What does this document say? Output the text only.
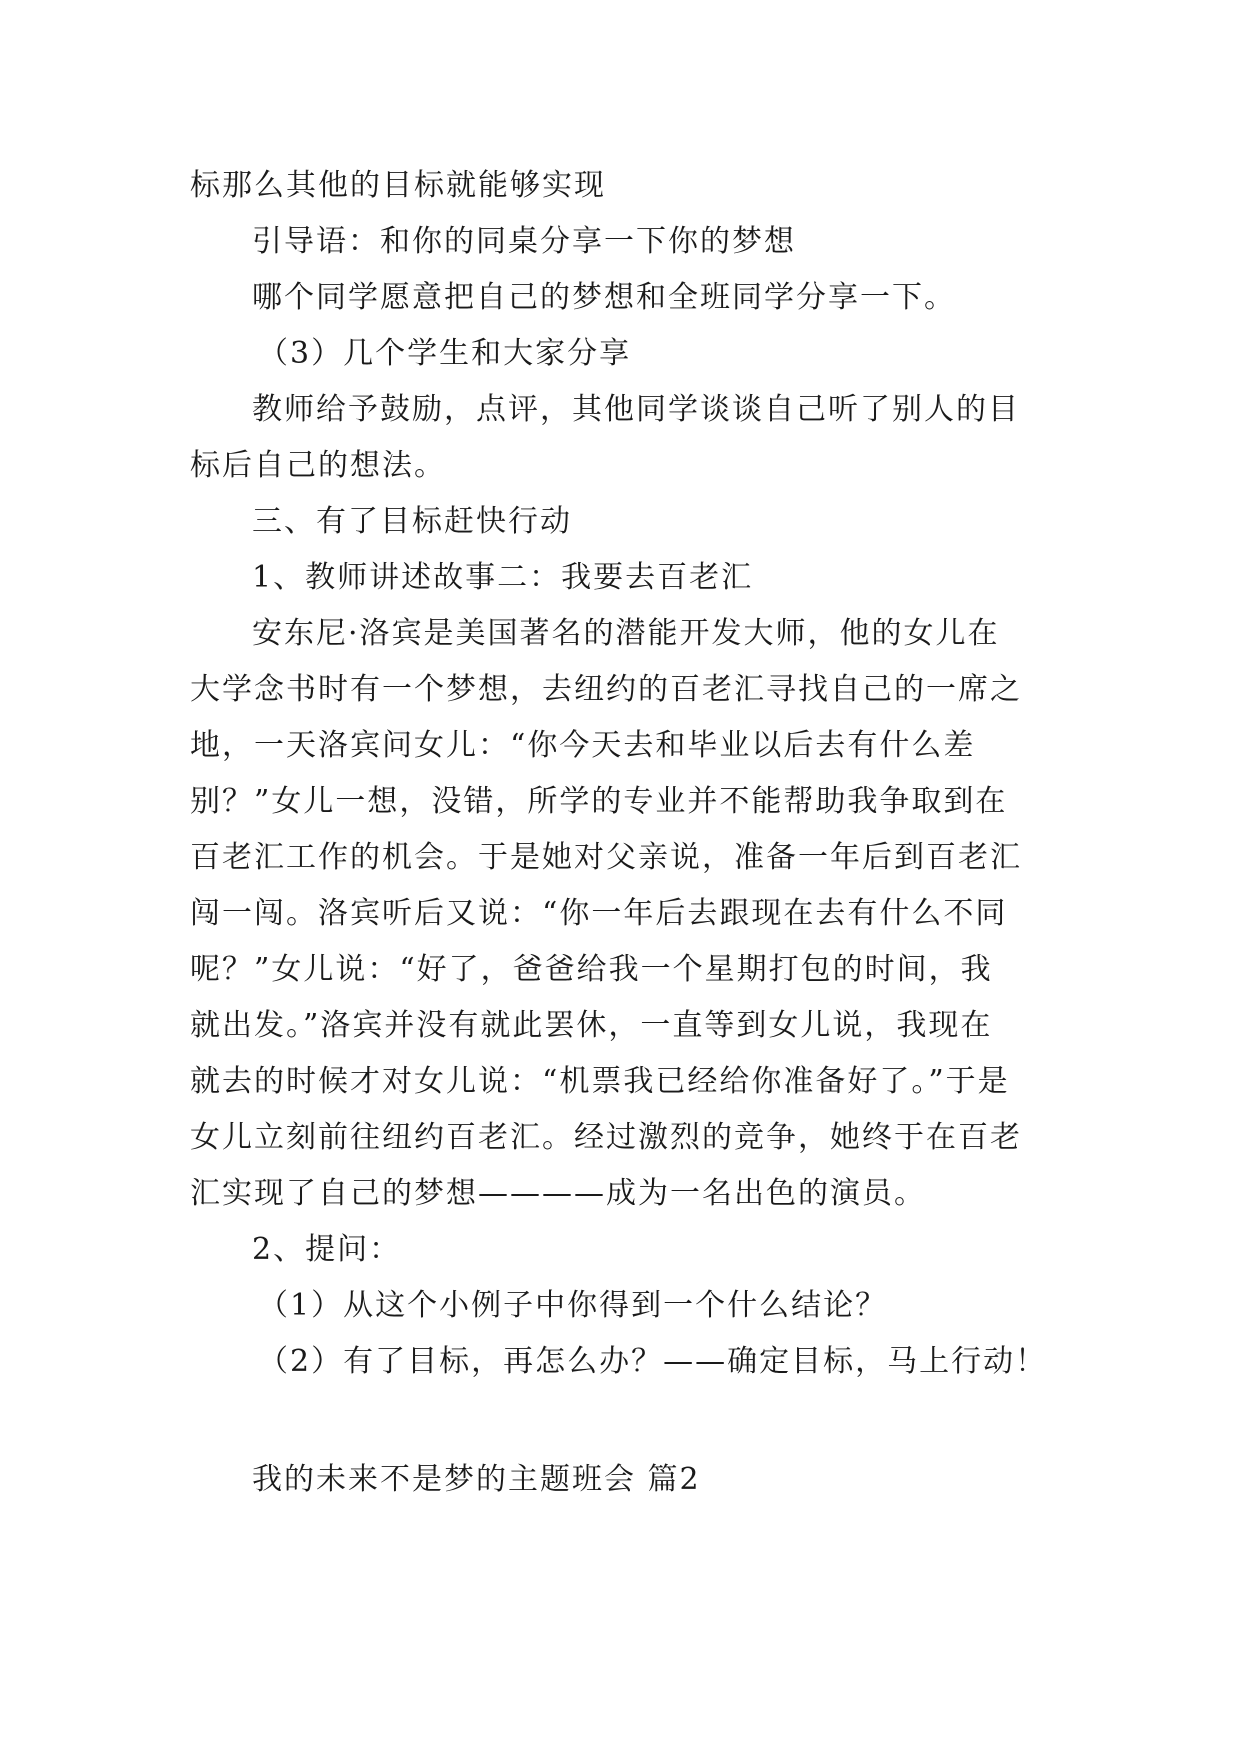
标那么其他的目标就能够实现
引导语：和你的同桌分享一下你的梦想
哪个同学愿意把自己的梦想和全班同学分享一下。
（3）几个学生和大家分享
教师给予鼓励，点评，其他同学谈谈自己听了别人的目
标后自己的想法。
三、有了目标赶快行动
1、教师讲述故事二：我要去百老汇
安东尼·洛宾是美国著名的潜能开发大师，他的女儿在
大学念书时有一个梦想，去纽约的百老汇寻找自己的一席之
地，一天洛宾问女儿：“你今天去和毕业以后去有什么差
别？”女儿一想，没错，所学的专业并不能帮助我争取到在
百老汇工作的机会。于是她对父亲说，准备一年后到百老汇
闯一闯。洛宾听后又说：“你一年后去跟现在去有什么不同
呢？”女儿说：“好了，爸爸给我一个星期打包的时间，我
就出发。”洛宾并没有就此罢休，一直等到女儿说，我现在
就去的时候才对女儿说：“机票我已经给你准备好了。”于是
女儿立刻前往纽约百老汇。经过激烈的竞争，她终于在百老
汇实现了自己的梦想————成为一名出色的演员。
2、提问：
（1）从这个小例子中你得到一个什么结论？
（2）有了目标，再怎么办？——确定目标，马上行动！
我的未来不是梦的主题班会 篇2
